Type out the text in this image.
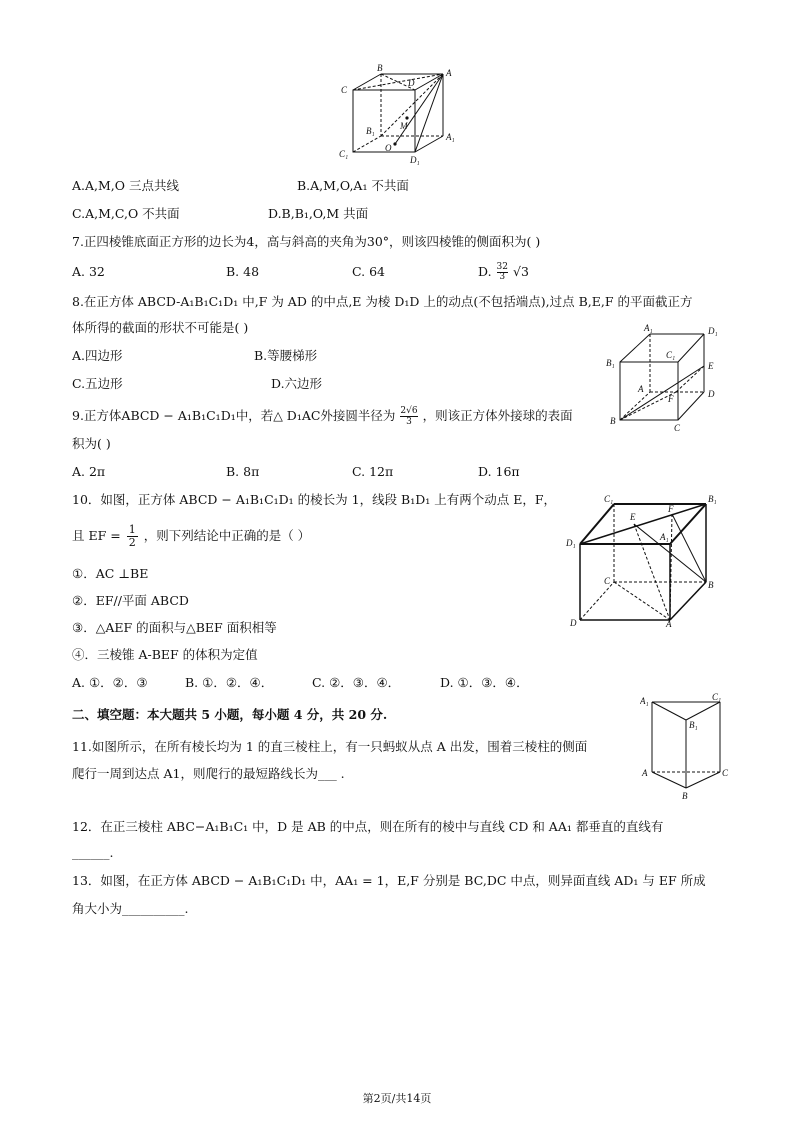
B
D
A
C
M
B₁
A₁
O
C₁
D₁
A.A,M,O 三点共线	B.A,M,O,A₁ 不共面
C.A,M,C,O 不共面	D.B,B₁,O,M 共面
7.正四棱锥底面正方形的边长为4，高与斜高的夹角为30°，则该四棱锥的侧面积为( )
A. 32	B. 48	C. 64	D. $\frac{32}{3} √3$
8.在正方体 ABCD-A₁B₁C₁D₁ 中,F 为 AD 的中点,E 为棱 D₁D 上的动点(不包括端点),过点 B,E,F 的平面截正方
体所得的截面的形状不可能是( )
A.四边形	B.等腰梯形
C.五边形	D.六边形
A₁	D₁
C₁
B₁	E
A	D
F
B
C
9.正方体ABCD − A₁B₁C₁D₁中，若△ D₁AC外接圆半径为 $\frac{2√6}{3}$ ，则该正方体外接球的表面
积为( )
A. 2π	B. 8π	C. 12π	D. 16π
10．如图，正方体 ABCD − A₁B₁C₁D₁ 的棱长为 1，线段 B₁D₁ 上有两个动点 E，F，
且 EF = $\frac{1}{2}$ ，则下列结论中正确的是（ ）
①．AC ⊥BE
②．EF//平面 ABCD
③．△AEF 的面积与△BEF 面积相等
④．三棱锥 A-BEF 的体积为定值
A. ①．②．③	B. ①．②．④．	C. ②．③．④．	D. ①．③．④．
C₁	B₁
E
F
A₁
D₁
C	B
D	A
二、填空题：本大题共 5 小题，每小题 4 分，共 20 分.
11.如图所示，在所有棱长均为 1 的直三棱柱上，有一只蚂蚁从点 A 出发，围着三棱柱的侧面
爬行一周到达点 A1，则爬行的最短路线长为___ .
A₁	C₁
B₁
A	C
B
12．在正三棱柱 ABC−A₁B₁C₁ 中，D 是 AB 的中点，则在所有的棱中与直线 CD 和 AA₁ 都垂直的直线有
______.
13．如图，在正方体 ABCD − A₁B₁C₁D₁ 中，AA₁ = 1，E,F 分别是 BC,DC 中点，则异面直线 AD₁ 与 EF 所成
角大小为__________.
第2页/共14页
